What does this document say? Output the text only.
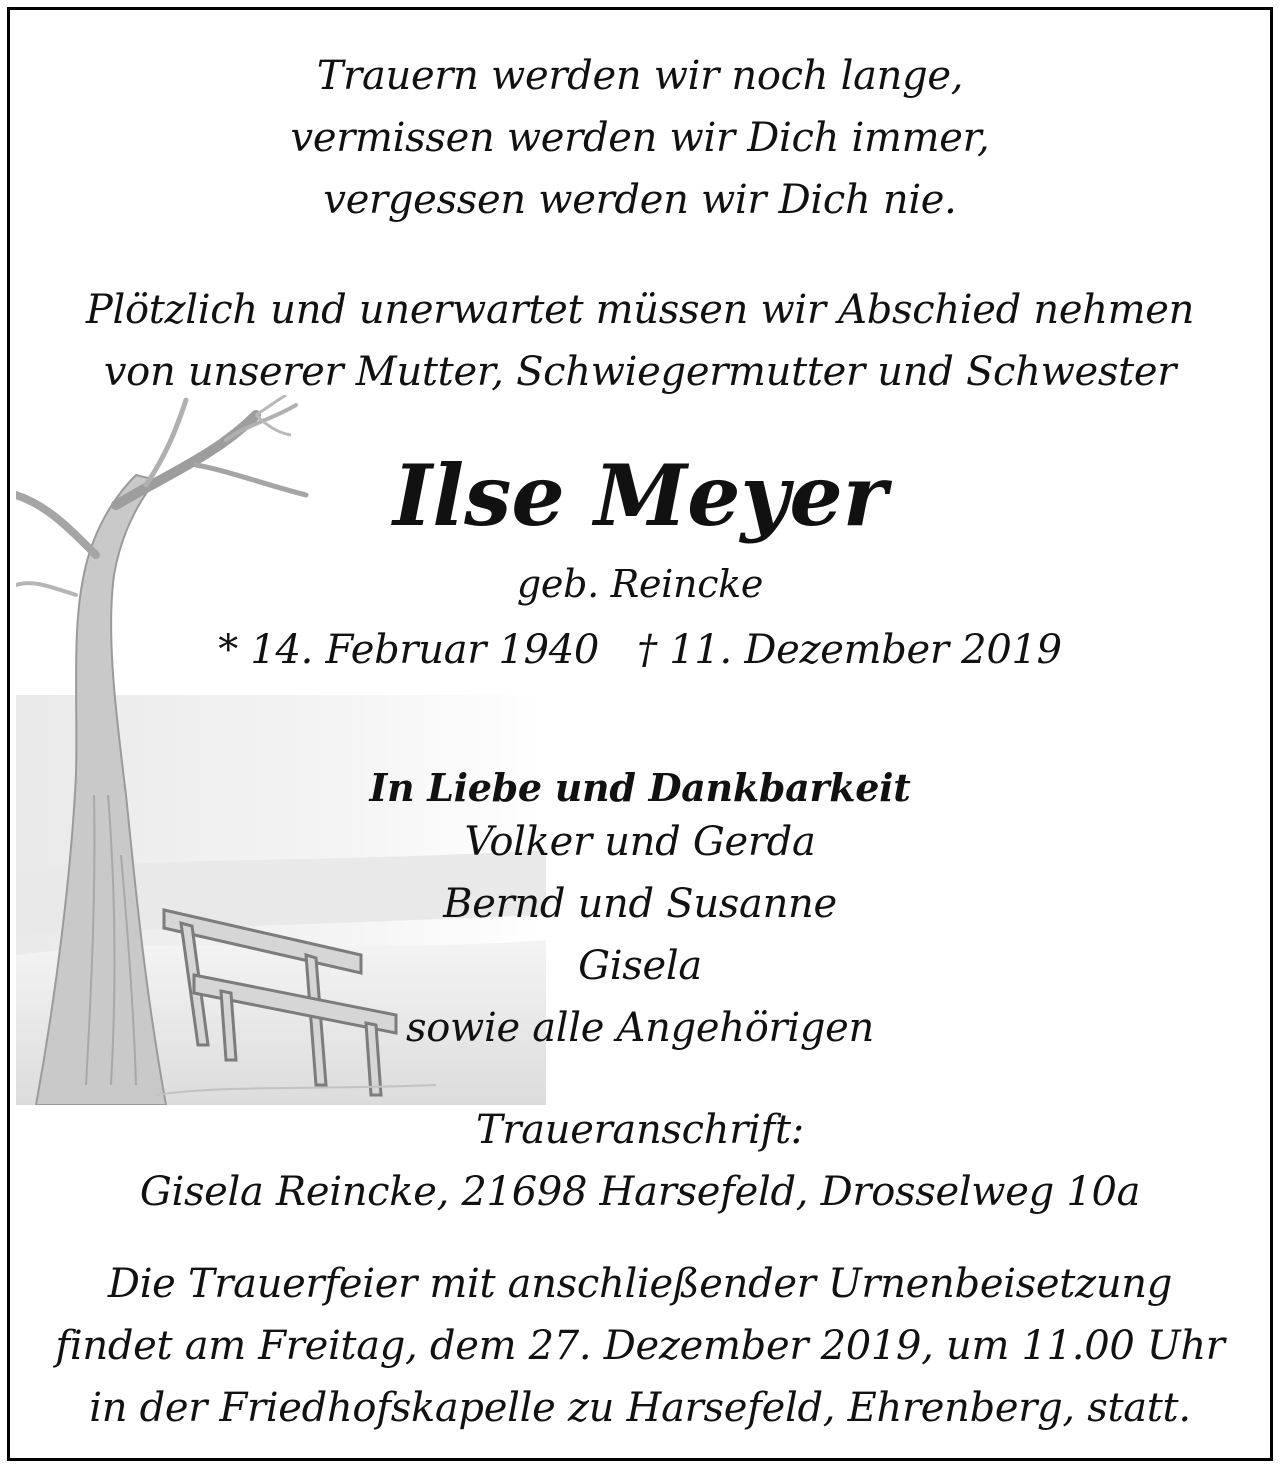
Trauern werden wir noch lange,
vermissen werden wir Dich immer,
vergessen werden wir Dich nie.
Plötzlich und unerwartet müssen wir Abschied nehmen
von unserer Mutter, Schwiegermutter und Schwester
Ilse Meyer
geb. Reincke
* 14. Februar 1940 † 11. Dezember 2019
In Liebe und Dankbarkeit
Volker und Gerda
Bernd und Susanne
Gisela
sowie alle Angehörigen
Traueranschrift:
Gisela Reincke, 21698 Harsefeld, Drosselweg 10a
Die Trauerfeier mit anschließender Urnenbeisetzung
findet am Freitag, dem 27. Dezember 2019, um 11.00 Uhr
in der Friedhofskapelle zu Harsefeld, Ehrenberg, statt.
